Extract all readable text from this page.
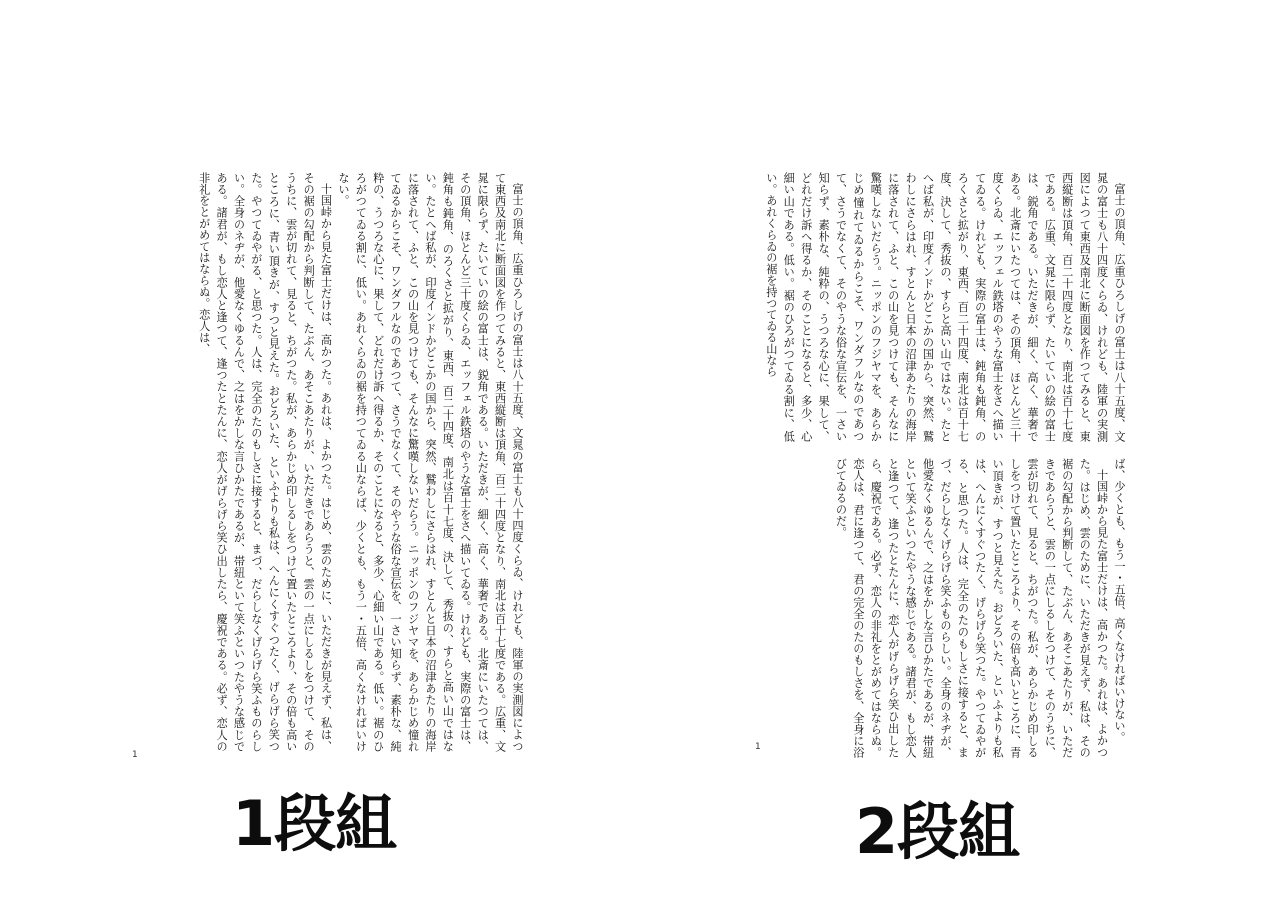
富士の頂角、広重ひろしげの富士は八十五度、文晁の富士も八十四度くらゐ、けれども、陸軍の実測図によつて東西及南北に断面図を作つてみると、東西縦断は頂角、百二十四度となり、南北は百十七度である。広重、文晁に限らず、たいていの絵の富士は、鋭角である。いただきが、細く、高く、華奢である。北斎にいたつては、その頂角、ほとんど三十度くらゐ、エッフェル鉄塔のやうな富士をさへ描いてゐる。けれども、実際の富士は、鈍角も鈍角、のろくさと拡がり、東西、百二十四度、南北は百十七度、決して、秀抜の、すらと高い山ではない。たとへば私が、印度インドかどこかの国から、突然、鷲わしにさらはれ、すとんと日本の沼津あたりの海岸に落されて、ふと、この山を見つけても、そんなに驚嘆しないだらう。ニッポンのフジヤマを、あらかじめ憧れてゐるからこそ、ワンダフルなのであつて、さうでなくて、そのやうな俗な宣伝を、一さい知らず、素朴な、純粋の、うつろな心に、果して、どれだけ訴へ得るか、そのことになると、多少、心細い山である。低い。裾のひろがつてゐる割に、低い。あれくらゐの裾を持つてゐる山ならば、少くとも、もう一・五倍、高くなければいけない。

十国峠から見た富士だけは、高かつた。あれは、よかつた。はじめ、雲のために、いただきが見えず、私は、その裾の勾配から判断して、たぶん、あそこあたりが、いただきであらうと、雲の一点にしるしをつけて、そのうちに、雲が切れて、見ると、ちがつた。私が、あらかじめ印しるしをつけて置いたところより、その倍も高いところに、青い頂きが、すつと見えた。おどろいた、といふよりも私は、へんにくすぐつたく、げらげら笑つた。やつてゐやがる、と思つた。人は、完全のたのもしさに接すると、まづ、だらしなくげらげら笑ふものらしい。全身のネヂが、他愛なくゆるんで、之はをかしな言ひかたであるが、帯紐といて笑ふといつたやうな感じである。諸君が、もし恋人と逢つて、逢つたとたんに、恋人がげらげら笑ひ出したら、慶祝である。必ず、恋人の非礼をとがめてはならぬ。恋人は、

1

富士の頂角、広重ひろしげの富士は八十五度、文晁の富士も八十四度くらゐ、けれども、陸軍の実測図によつて東西及南北に断面図を作つてみると、東西縦断は頂角、百二十四度となり、南北は百十七度である。広重、文晁に限らず、たいていの絵の富士は、鋭角である。いただきが、細く、高く、華奢である。北斎にいたつては、その頂角、ほとんど三十度くらゐ、エッフェル鉄塔のやうな富士をさへ描いてゐる。けれども、実際の富士は、鈍角も鈍角、のろくさと拡がり、東西、百二十四度、南北は百十七度、決して、秀抜の、すらと高い山ではない。たとへば私が、印度インドかどこかの国から、突然、鷲わしにさらはれ、すとんと日本の沼津あたりの海岸に落されて、ふと、この山を見つけても、そんなに驚嘆しないだらう。ニッポンのフジヤマを、あらかじめ憧れてゐるからこそ、ワンダフルなのであつて、さうでなくて、そのやうな俗な宣伝を、一さい知らず、素朴な、純粋の、うつろな心に、果して、どれだけ訴へ得るか、そのことになると、多少、心細い山である。低い。裾のひろがつてゐる割に、低い。あれくらゐの裾を持つてゐる山なら

ば、少くとも、もう一・五倍、高くなければいけない。

十国峠から見た富士だけは、高かつた。あれは、よかつた。はじめ、雲のために、いただきが見えず、私は、その裾の勾配から判断して、たぶん、あそこあたりが、いただきであらうと、雲の一点にしるしをつけて、そのうちに、雲が切れて、見ると、ちがつた。私が、あらかじめ印しるしをつけて置いたところより、その倍も高いところに、青い頂きが、すつと見えた。おどろいた、といふよりも私は、へんにくすぐつたく、げらげら笑つた。やつてゐやがる、と思つた。人は、完全のたのもしさに接すると、まづ、だらしなくげらげら笑ふものらしい。全身のネヂが、他愛なくゆるんで、之はをかしな言ひかたであるが、帯紐といて笑ふといつたやうな感じである。諸君が、もし恋人と逢つて、逢つたとたんに、恋人がげらげら笑ひ出したら、慶祝である。必ず、恋人の非礼をとがめてはならぬ。恋人は、君に逢つて、君の完全のたのもしさを、全身に浴びてゐるのだ。

1
1段組	2段組
